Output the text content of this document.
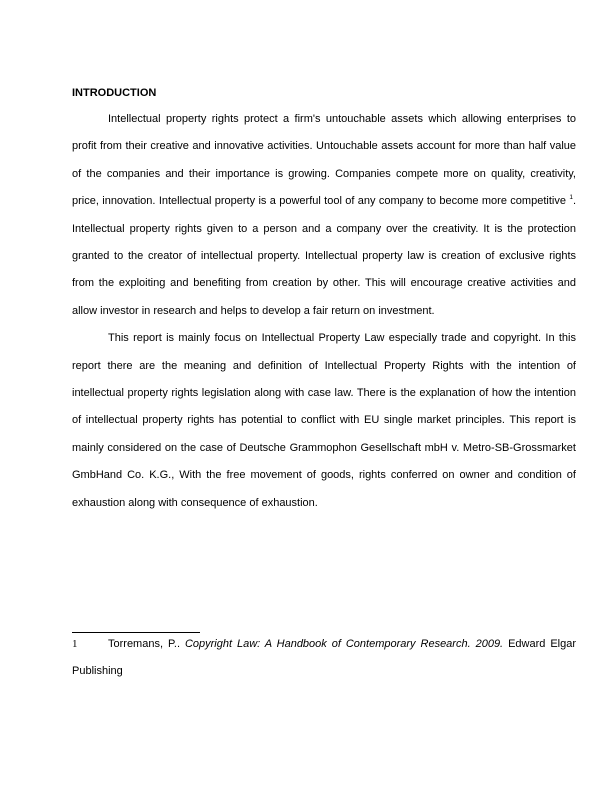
INTRODUCTION

Intellectual property rights protect a firm's untouchable assets which allowing enterprises to profit from their creative and innovative activities. Untouchable assets account for more than half value of the companies and their importance is growing. Companies compete more on quality, creativity, price, innovation. Intellectual property is a powerful tool of any company to become more competitive $^1$. Intellectual property rights given to a person and a company over the creativity. It is the protection granted to the creator of intellectual property. Intellectual property law is creation of exclusive rights from the exploiting and benefiting from creation by other. This will encourage creative activities and allow investor in research and helps to develop a fair return on investment.

This report is mainly focus on Intellectual Property Law especially trade and copyright. In this report there are the meaning and definition of Intellectual Property Rights with the intention of intellectual property rights legislation along with case law. There is the explanation of how the intention of intellectual property rights has potential to conflict with EU single market principles. This report is mainly considered on the case of Deutsche Grammophon Gesellschaft mbH v. Metro-SB-Grossmarket GmbHand Co. K.G., With the free movement of goods, rights conferred on owner and condition of exhaustion along with consequence of exhaustion.

1	Torremans, P.. Copyright Law: A Handbook of Contemporary Research. 2009. Edward Elgar Publishing
